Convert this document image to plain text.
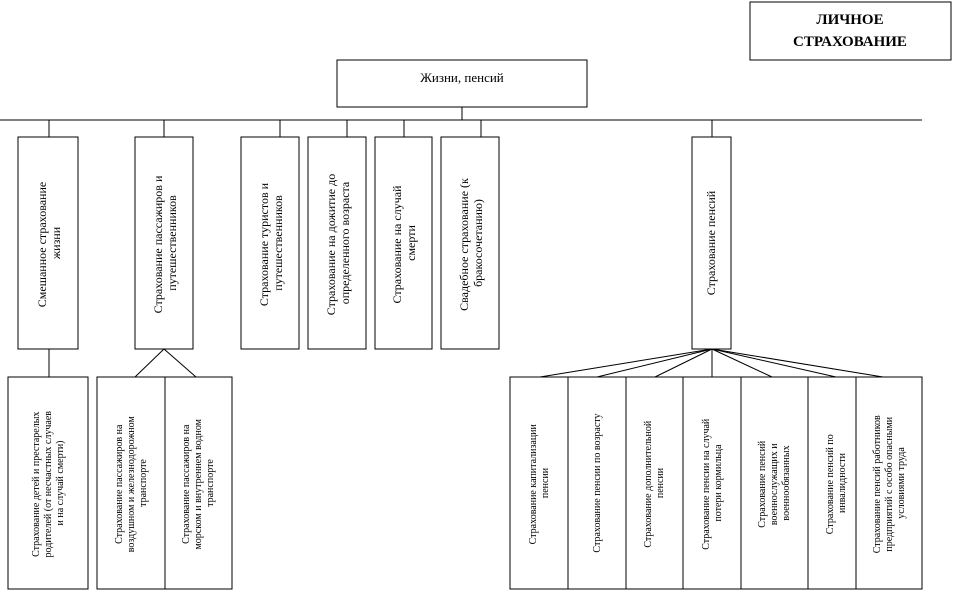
ЛИЧНОЕ
СТРАХОВАНИЕ
Жизни, пенсий
Смешанное страхование жизни	Страхование пассажиров и путешественников	Страхование туристов и путешественников	Страхование на дожитие до определенного возраста	Страхование на случай смерти	Свадебное страхование (к бракосочетанию)	Страхование пенсий
Страхование детей и престарелых родителей (от несчастных случаев и на случай смерти)	Страхование пассажиров на воздушном и железнодорожном транспорте	Страхование пассажиров на морском и внутреннем водном транспорте	Страхование капитализации пенсии	Страхование пенсии по возрасту	Страхование дополнительной пенсии	Страхование пенсии на случай потери кормильца	Страхование пенсий военнослужащих и военнообязанных	Страхование пенсий по инвалидности Страхование пенсий работников предприятий с особо опасными условиями труда
